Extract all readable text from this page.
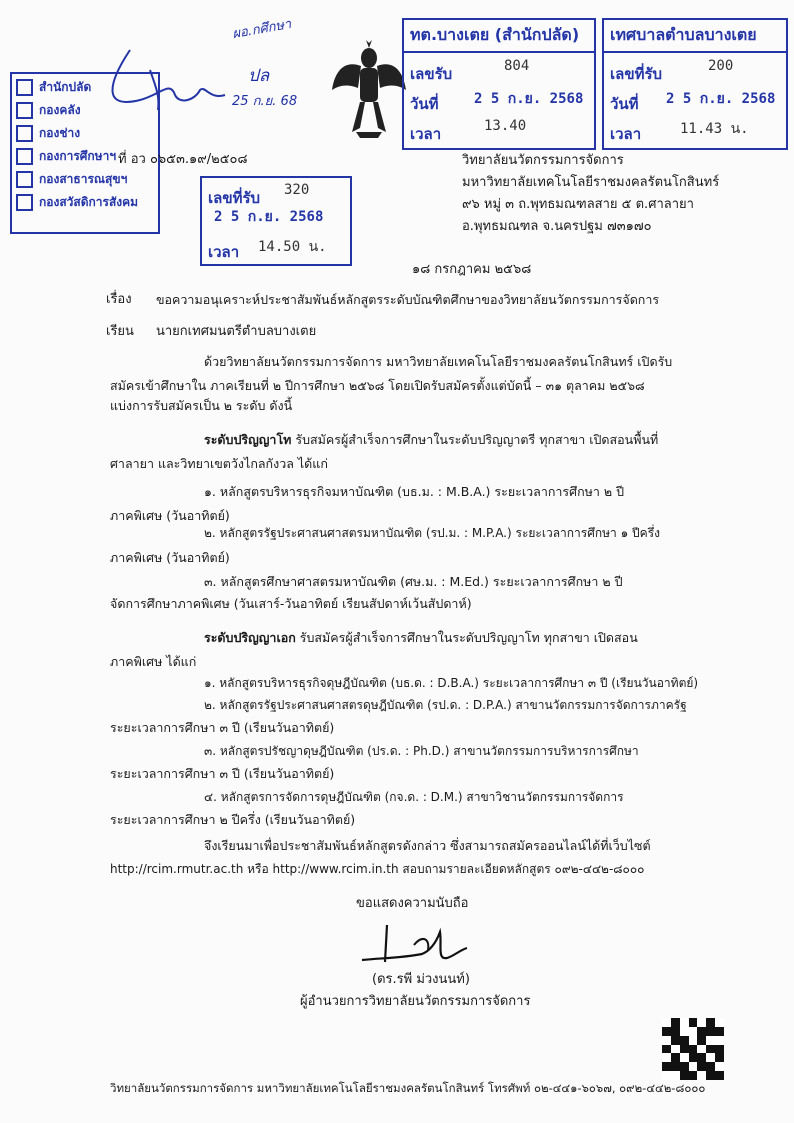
สำนักปลัด
กองคลัง
กองช่าง
กองการศึกษาฯ
กองสาธารณสุขฯ
กองสวัสดิการสังคม
ผอ.กศึกษา
ปล
25 ก.ย. 68
ทต.บางเตย (สำนักปลัด)
เลขรับ	804
วันที่	2 5 ก.ย. 2568
เวลา	13.40
เทศบาลตำบลบางเตย
เลขที่รับ	200
วันที่ 2 5 ก.ย. 2568
เวลา	11.43 น.
เลขที่รับ 320
2 5 ก.ย. 2568
เวลา 14.50 น.
ที่ อว ๐๖๕๓.๑๙/๒๕๐๘	วิทยาลัยนวัตกรรมการจัดการ
มหาวิทยาลัยเทคโนโลยีราชมงคลรัตนโกสินทร์
๙๖ หมู่ ๓ ถ.พุทธมณฑลสาย ๕ ต.ศาลายา
อ.พุทธมณฑล จ.นครปฐม ๗๓๑๗๐
๑๘ กรกฎาคม ๒๕๖๘
เรื่อง ขอความอนุเคราะห์ประชาสัมพันธ์หลักสูตรระดับบัณฑิตศึกษาของวิทยาลัยนวัตกรรมการจัดการ
เรียน นายกเทศมนตรีตำบลบางเตย
ด้วยวิทยาลัยนวัตกรรมการจัดการ มหาวิทยาลัยเทคโนโลยีราชมงคลรัตนโกสินทร์ เปิดรับ
สมัครเข้าศึกษาใน ภาคเรียนที่ ๒ ปีการศึกษา ๒๕๖๘ โดยเปิดรับสมัครตั้งแต่บัดนี้ – ๓๑ ตุลาคม ๒๕๖๘
แบ่งการรับสมัครเป็น ๒ ระดับ ดังนี้
ระดับปริญญาโท รับสมัครผู้สำเร็จการศึกษาในระดับปริญญาตรี ทุกสาขา เปิดสอนพื้นที่
ศาลายา และวิทยาเขตวังไกลกังวล ได้แก่
๑. หลักสูตรบริหารธุรกิจมหาบัณฑิต (บธ.ม. : M.B.A.) ระยะเวลาการศึกษา ๒ ปี
ภาคพิเศษ (วันอาทิตย์)
๒. หลักสูตรรัฐประศาสนศาสตรมหาบัณฑิต (รป.ม. : M.P.A.) ระยะเวลาการศึกษา ๑ ปีครึ่ง
ภาคพิเศษ (วันอาทิตย์)
๓. หลักสูตรศึกษาศาสตรมหาบัณฑิต (ศษ.ม. : M.Ed.) ระยะเวลาการศึกษา ๒ ปี
จัดการศึกษาภาคพิเศษ (วันเสาร์-วันอาทิตย์ เรียนสัปดาห์เว้นสัปดาห์)
ระดับปริญญาเอก รับสมัครผู้สำเร็จการศึกษาในระดับปริญญาโท ทุกสาขา เปิดสอน
ภาคพิเศษ ได้แก่
๑. หลักสูตรบริหารธุรกิจดุษฎีบัณฑิต (บธ.ด. : D.B.A.) ระยะเวลาการศึกษา ๓ ปี (เรียนวันอาทิตย์)
๒. หลักสูตรรัฐประศาสนศาสตรดุษฎีบัณฑิต (รป.ด. : D.P.A.) สาขานวัตกรรมการจัดการภาครัฐ
ระยะเวลาการศึกษา ๓ ปี (เรียนวันอาทิตย์)
๓. หลักสูตรปรัชญาดุษฎีบัณฑิต (ปร.ด. : Ph.D.) สาขานวัตกรรมการบริหารการศึกษา
ระยะเวลาการศึกษา ๓ ปี (เรียนวันอาทิตย์)
๔. หลักสูตรการจัดการดุษฎีบัณฑิต (กจ.ด. : D.M.) สาขาวิชานวัตกรรมการจัดการ
ระยะเวลาการศึกษา ๒ ปีครึ่ง (เรียนวันอาทิตย์)
จึงเรียนมาเพื่อประชาสัมพันธ์หลักสูตรดังกล่าว ซึ่งสามารถสมัครออนไลน์ได้ที่เว็บไซต์
http://rcim.rmutr.ac.th หรือ http://www.rcim.in.th สอบถามรายละเอียดหลักสูตร ๐๙๒-๔๔๒-๘๐๐๐
ขอแสดงความนับถือ
(ดร.รพี ม่วงนนท์)
ผู้อำนวยการวิทยาลัยนวัตกรรมการจัดการ
วิทยาลัยนวัตกรรมการจัดการ มหาวิทยาลัยเทคโนโลยีราชมงคลรัตนโกสินทร์ โทรศัพท์ ๐๒-๔๔๑-๖๐๖๗, ๐๙๒-๔๔๒-๘๐๐๐
